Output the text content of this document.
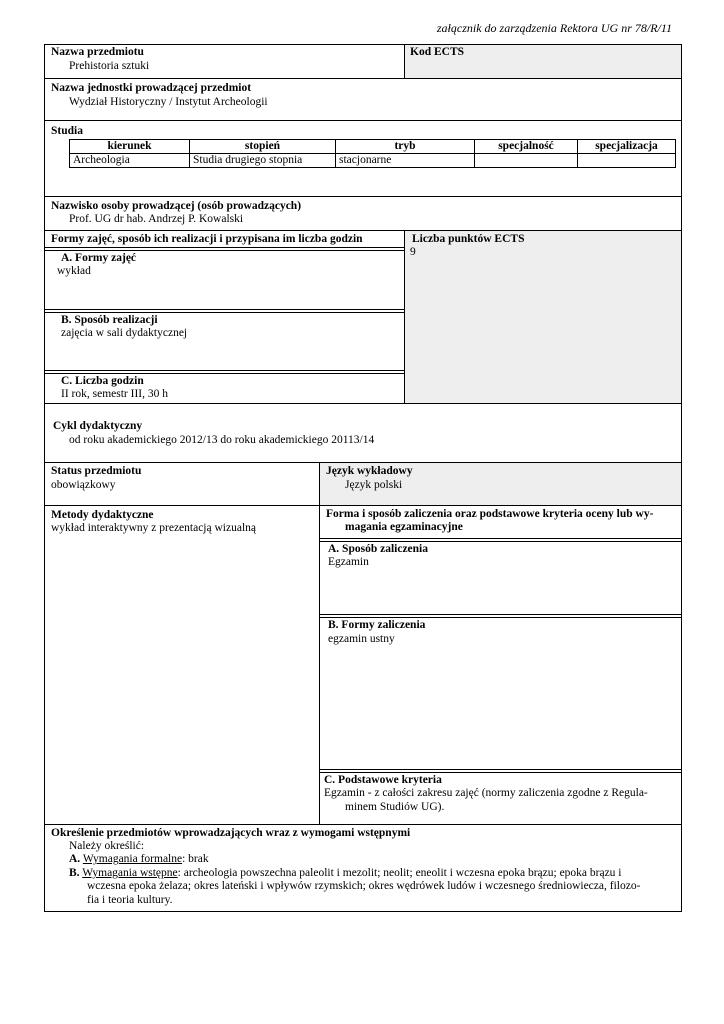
załącznik do zarządzenia Rektora UG nr 78/R/11
Nazwa przedmiotu
Prehistoria sztuki
Kod ECTS
Nazwa jednostki prowadzącej przedmiot
Wydział Historyczny / Instytut Archeologii
Studia
kierunek	stopień	tryb	specjalność	specjalizacja
Archeologia	Studia drugiego stopnia	stacjonarne		
Nazwisko osoby prowadzącej (osób prowadzących)
Prof. UG dr hab. Andrzej P. Kowalski
Formy zajęć, sposób ich realizacji i przypisana im liczba godzin
A. Formy zajęć
wykład
B. Sposób realizacji
zajęcia w sali dydaktycznej
C. Liczba godzin
II rok, semestr III, 30 h
Liczba punktów ECTS
9
Cykl dydaktyczny
od roku akademickiego 2012/13 do roku akademickiego 20113/14
Status przedmiotu
obowiązkowy
Język wykładowy
Język polski
Metody dydaktyczne
wykład interaktywny z prezentacją wizualną
Forma i sposób zaliczenia oraz podstawowe kryteria oceny lub wy-
magania egzaminacyjne
A. Sposób zaliczenia
Egzamin
B. Formy zaliczenia
egzamin ustny
C. Podstawowe kryteria
Egzamin - z całości zakresu zajęć (normy zaliczenia zgodne z Regula-
minem Studiów UG).
Określenie przedmiotów wprowadzających wraz z wymogami wstępnymi
Należy określić:
A. Wymagania formalne: brak
B. Wymagania wstępne: archeologia powszechna paleolit i mezolit; neolit; eneolit i wczesna epoka brązu; epoka brązu i
wczesna epoka żelaza; okres lateński i wpływów rzymskich; okres wędrówek ludów i wczesnego średniowiecza, filozo-
fia i teoria kultury.
